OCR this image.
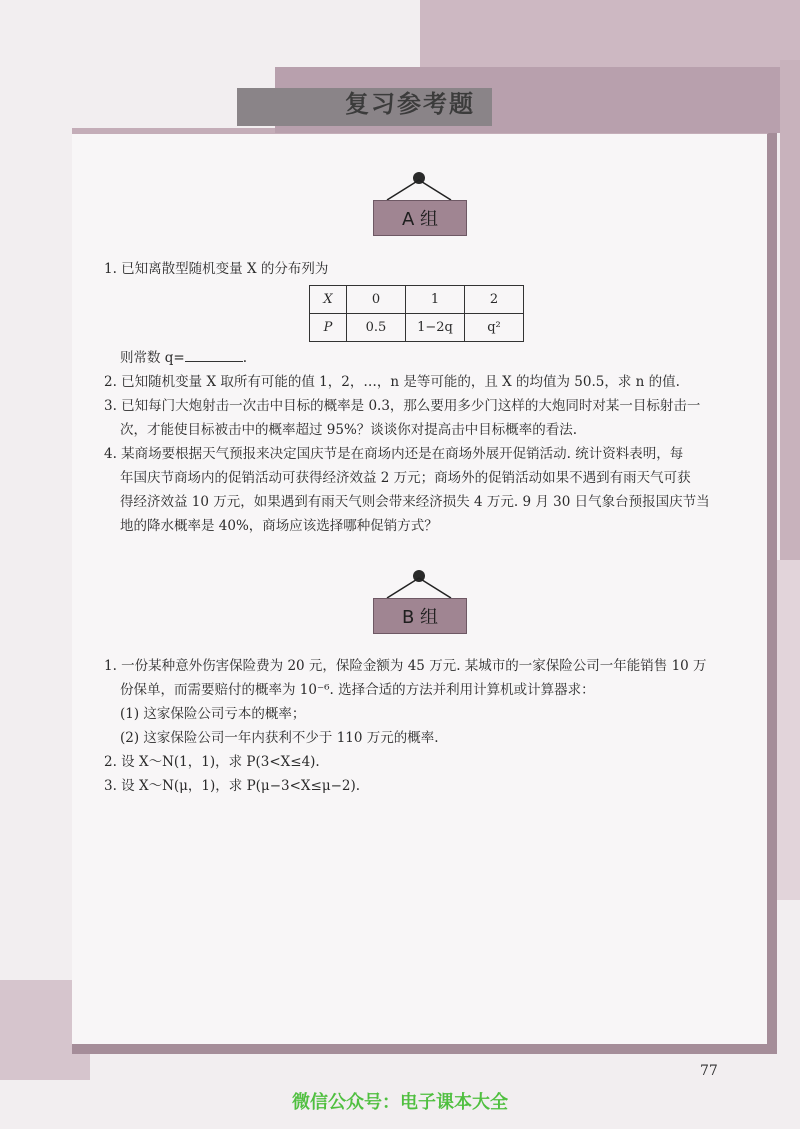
复习参考题
A 组
1. 已知离散型随机变量 X 的分布列为
X	0	1	2
P	0.5	1−2q	q²
则常数 q=	.
2. 已知随机变量 X 取所有可能的值 1，2，…，n 是等可能的，且 X 的均值为 50.5，求 n 的值.
3. 已知每门大炮射击一次击中目标的概率是 0.3，那么要用多少门这样的大炮同时对某一目标射击一
次，才能使目标被击中的概率超过 95%？谈谈你对提高击中目标概率的看法.
4. 某商场要根据天气预报来决定国庆节是在商场内还是在商场外展开促销活动. 统计资料表明，每
年国庆节商场内的促销活动可获得经济效益 2 万元；商场外的促销活动如果不遇到有雨天气可获
得经济效益 10 万元，如果遇到有雨天气则会带来经济损失 4 万元. 9 月 30 日气象台预报国庆节当
地的降水概率是 40%，商场应该选择哪种促销方式？
B 组
1. 一份某种意外伤害保险费为 20 元，保险金额为 45 万元. 某城市的一家保险公司一年能销售 10 万
份保单，而需要赔付的概率为 10⁻⁶. 选择合适的方法并利用计算机或计算器求：
(1) 这家保险公司亏本的概率；
(2) 这家保险公司一年内获利不少于 110 万元的概率.
2. 设 X～N(1，1)，求 P(3<X≤4).
3. 设 X～N(μ，1)，求 P(μ−3<X≤μ−2).
77
微信公众号：电子课本大全
